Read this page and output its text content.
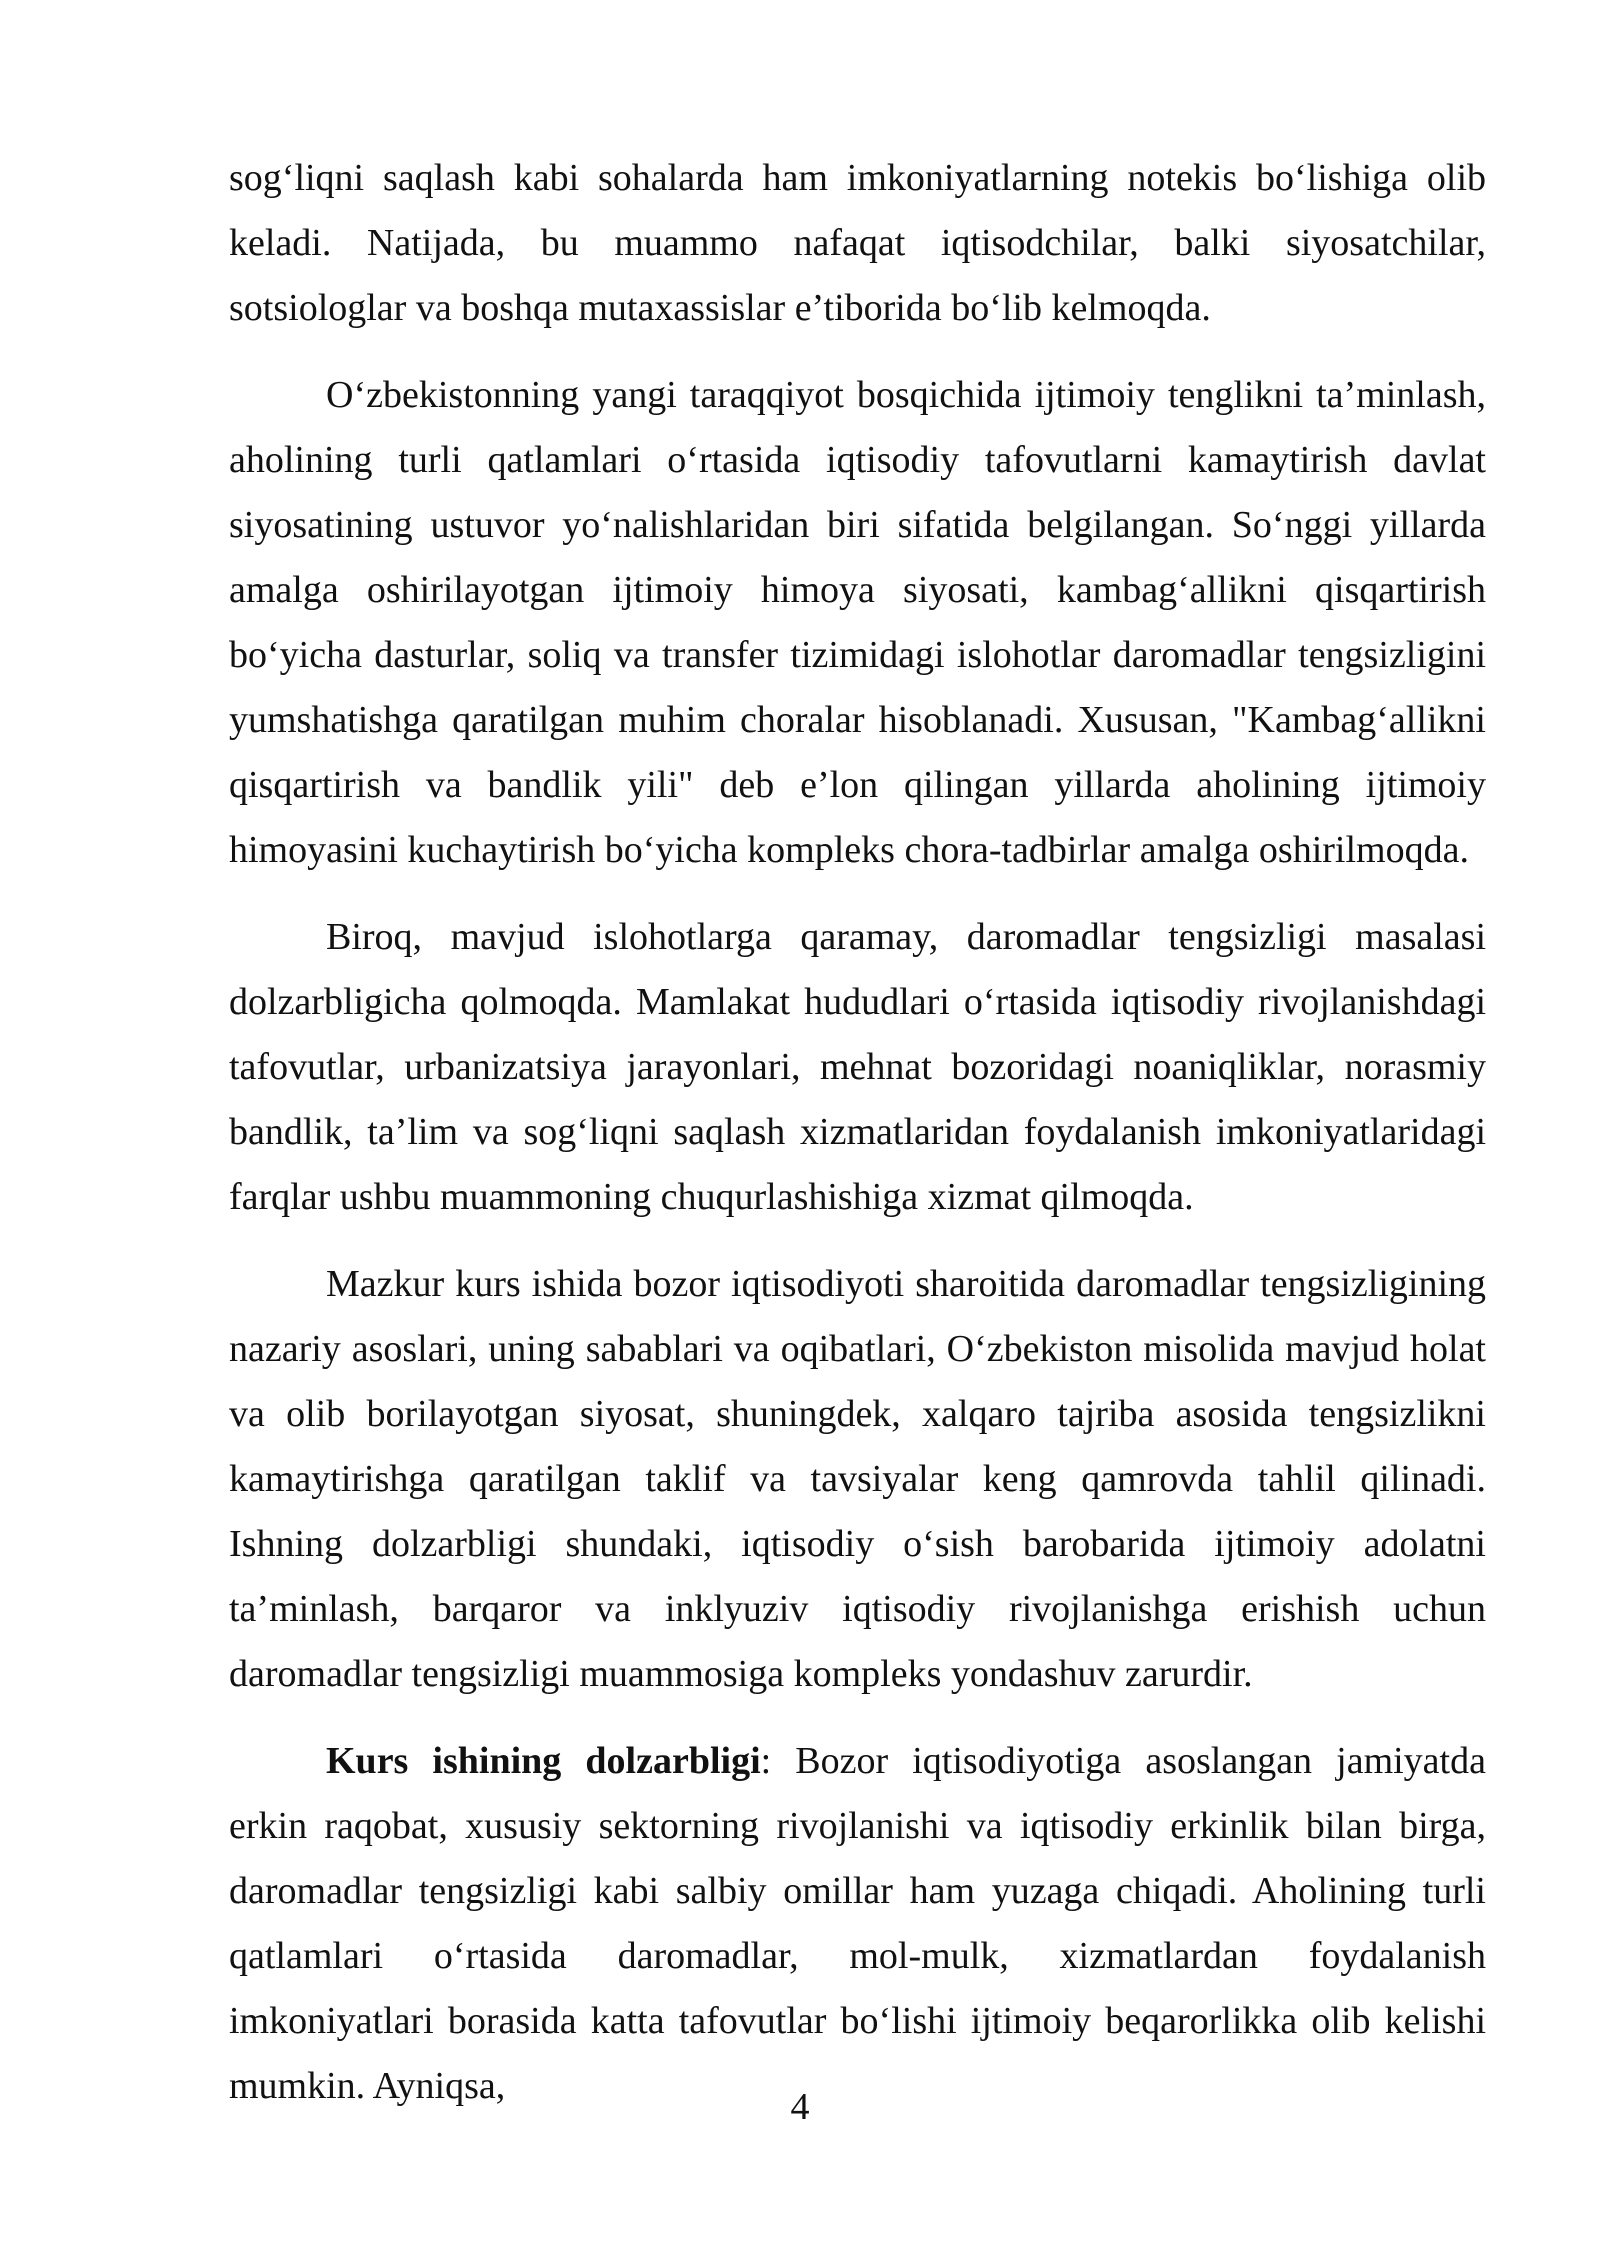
sog‘liqni saqlash kabi sohalarda ham imkoniyatlarning notekis bo‘lishiga olib keladi. Natijada, bu muammo nafaqat iqtisodchilar, balki siyosatchilar, sotsiologlar va boshqa mutaxassislar e’tiborida bo‘lib kelmoqda.

O‘zbekistonning yangi taraqqiyot bosqichida ijtimoiy tenglikni ta’minlash, aholining turli qatlamlari o‘rtasida iqtisodiy tafovutlarni kamaytirish davlat siyosatining ustuvor yo‘nalishlaridan biri sifatida belgilangan. So‘nggi yillarda amalga oshirilayotgan ijtimoiy himoya siyosati, kambag‘allikni qisqartirish bo‘yicha dasturlar, soliq va transfer tizimidagi islohotlar daromadlar tengsizligini yumshatishga qaratilgan muhim choralar hisoblanadi. Xususan, "Kambag‘allikni qisqartirish va bandlik yili" deb e’lon qilingan yillarda aholining ijtimoiy himoyasini kuchaytirish bo‘yicha kompleks chora-tadbirlar amalga oshirilmoqda.

Biroq, mavjud islohotlarga qaramay, daromadlar tengsizligi masalasi dolzarbligicha qolmoqda. Mamlakat hududlari o‘rtasida iqtisodiy rivojlanishdagi tafovutlar, urbanizatsiya jarayonlari, mehnat bozoridagi noaniqliklar, norasmiy bandlik, ta’lim va sog‘liqni saqlash xizmatlaridan foydalanish imkoniyatlaridagi farqlar ushbu muammoning chuqurlashishiga xizmat qilmoqda.

Mazkur kurs ishida bozor iqtisodiyoti sharoitida daromadlar tengsizligining nazariy asoslari, uning sabablari va oqibatlari, O‘zbekiston misolida mavjud holat va olib borilayotgan siyosat, shuningdek, xalqaro tajriba asosida tengsizlikni kamaytirishga qaratilgan taklif va tavsiyalar keng qamrovda tahlil qilinadi. Ishning dolzarbligi shundaki, iqtisodiy o‘sish barobarida ijtimoiy adolatni ta’minlash, barqaror va inklyuziv iqtisodiy rivojlanishga erishish uchun daromadlar tengsizligi muammosiga kompleks yondashuv zarurdir.

Kurs ishining dolzarbligi: Bozor iqtisodiyotiga asoslangan jamiyatda erkin raqobat, xususiy sektorning rivojlanishi va iqtisodiy erkinlik bilan birga, daromadlar tengsizligi kabi salbiy omillar ham yuzaga chiqadi. Aholining turli qatlamlari o‘rtasida daromadlar, mol-mulk, xizmatlardan foydalanish imkoniyatlari borasida katta tafovutlar bo‘lishi ijtimoiy beqarorlikka olib kelishi mumkin. Ayniqsa,	4
